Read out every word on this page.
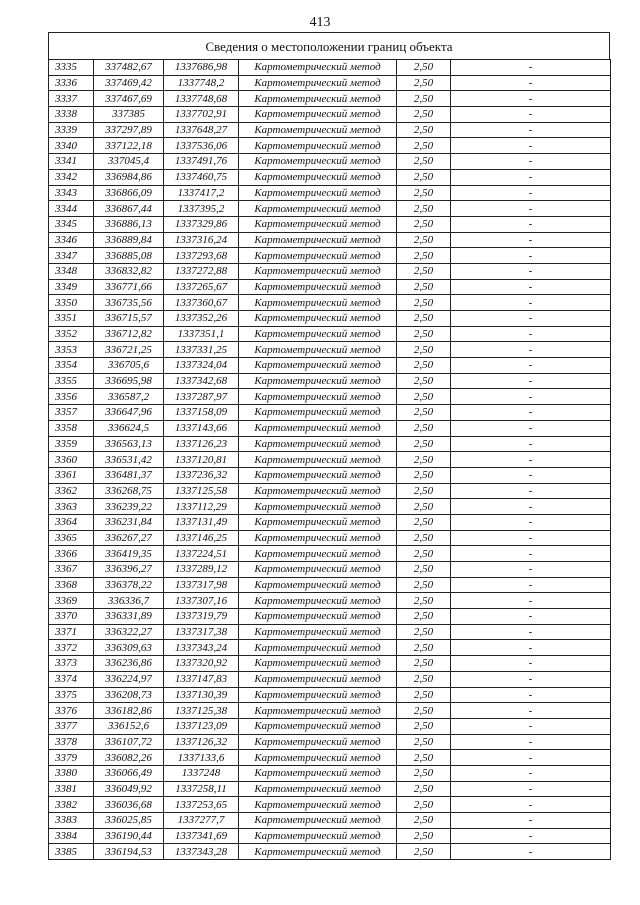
413
Сведения о местоположении границ объекта
3335	337482,67	1337686,98	Картометрический метод	2,50	-
3336	337469,42	1337748,2	Картометрический метод	2,50	-
3337	337467,69	1337748,68	Картометрический метод	2,50	-
3338	337385	1337702,91	Картометрический метод	2,50	-
3339	337297,89	1337648,27	Картометрический метод	2,50	-
3340	337122,18	1337536,06	Картометрический метод	2,50	-
3341	337045,4	1337491,76	Картометрический метод	2,50	-
3342	336984,86	1337460,75	Картометрический метод	2,50	-
3343	336866,09	1337417,2	Картометрический метод	2,50	-
3344	336867,44	1337395,2	Картометрический метод	2,50	-
3345	336886,13	1337329,86	Картометрический метод	2,50	-
3346	336889,84	1337316,24	Картометрический метод	2,50	-
3347	336885,08	1337293,68	Картометрический метод	2,50	-
3348	336832,82	1337272,88	Картометрический метод	2,50	-
3349	336771,66	1337265,67	Картометрический метод	2,50	-
3350	336735,56	1337360,67	Картометрический метод	2,50	-
3351	336715,57	1337352,26	Картометрический метод	2,50	-
3352	336712,82	1337351,1	Картометрический метод	2,50	-
3353	336721,25	1337331,25	Картометрический метод	2,50	-
3354	336705,6	1337324,04	Картометрический метод	2,50	-
3355	336695,98	1337342,68	Картометрический метод	2,50	-
3356	336587,2	1337287,97	Картометрический метод	2,50	-
3357	336647,96	1337158,09	Картометрический метод	2,50	-
3358	336624,5	1337143,66	Картометрический метод	2,50	-
3359	336563,13	1337126,23	Картометрический метод	2,50	-
3360	336531,42	1337120,81	Картометрический метод	2,50	-
3361	336481,37	1337236,32	Картометрический метод	2,50	-
3362	336268,75	1337125,58	Картометрический метод	2,50	-
3363	336239,22	1337112,29	Картометрический метод	2,50	-
3364	336231,84	1337131,49	Картометрический метод	2,50	-
3365	336267,27	1337146,25	Картометрический метод	2,50	-
3366	336419,35	1337224,51	Картометрический метод	2,50	-
3367	336396,27	1337289,12	Картометрический метод	2,50	-
3368	336378,22	1337317,98	Картометрический метод	2,50	-
3369	336336,7	1337307,16	Картометрический метод	2,50	-
3370	336331,89	1337319,79	Картометрический метод	2,50	-
3371	336322,27	1337317,38	Картометрический метод	2,50	-
3372	336309,63	1337343,24	Картометрический метод	2,50	-
3373	336236,86	1337320,92	Картометрический метод	2,50	-
3374	336224,97	1337147,83	Картометрический метод	2,50	-
3375	336208,73	1337130,39	Картометрический метод	2,50	-
3376	336182,86	1337125,38	Картометрический метод	2,50	-
3377	336152,6	1337123,09	Картометрический метод	2,50	-
3378	336107,72	1337126,32	Картометрический метод	2,50	-
3379	336082,26	1337133,6	Картометрический метод	2,50	-
3380	336066,49	1337248	Картометрический метод	2,50	-
3381	336049,92	1337258,11	Картометрический метод	2,50	-
3382	336036,68	1337253,65	Картометрический метод	2,50	-
3383	336025,85	1337277,7	Картометрический метод	2,50	-
3384	336190,44	1337341,69	Картометрический метод	2,50	-
3385	336194,53	1337343,28	Картометрический метод	2,50	-
